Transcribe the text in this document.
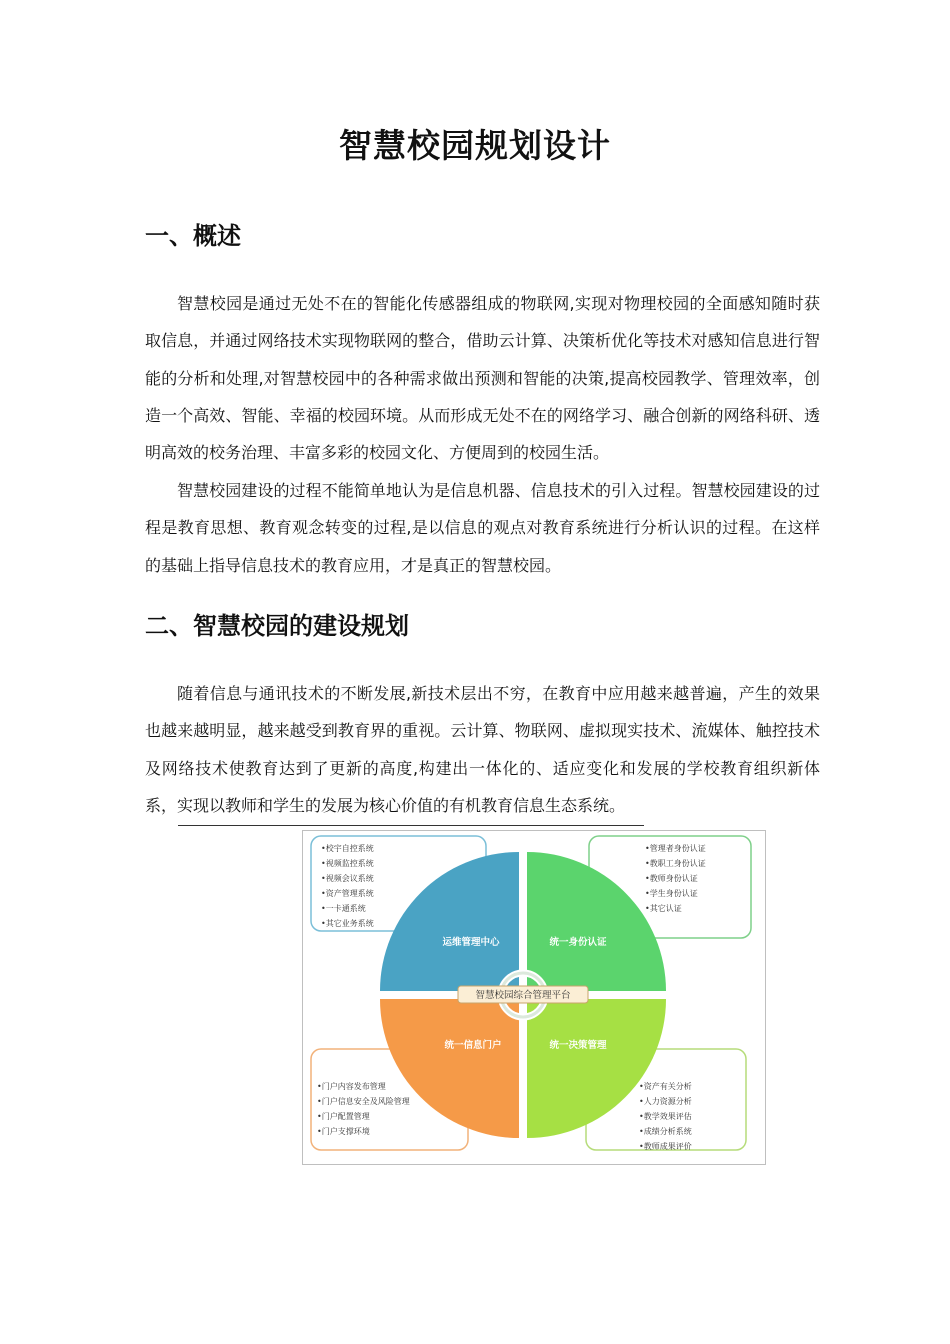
智慧校园规划设计
一、概述

智慧校园是通过无处不在的智能化传感器组成的物联网,实现对物理校园的全面感知随时获取信息，并通过网络技术实现物联网的整合，借助云计算、决策析优化等技术对感知信息进行智能的分析和处理,对智慧校园中的各种需求做出预测和智能的决策,提高校园教学、管理效率，创造一个高效、智能、幸福的校园环境。从而形成无处不在的网络学习、融合创新的网络科研、透明高效的校务治理、丰富多彩的校园文化、方便周到的校园生活。

智慧校园建设的过程不能简单地认为是信息机器、信息技术的引入过程。智慧校园建设的过程是教育思想、教育观念转变的过程,是以信息的观点对教育系统进行分析认识的过程。在这样的基础上指导信息技术的教育应用，才是真正的智慧校园。

二、智慧校园的建设规划

随着信息与通讯技术的不断发展,新技术层出不穷，在教育中应用越来越普遍，产生的效果也越来越明显，越来越受到教育界的重视。云计算、物联网、虚拟现实技术、流媒体、触控技术及网络技术使教育达到了更新的高度,构建出一体化的、适应变化和发展的学校教育组织新体系，实现以教师和学生的发展为核心价值的有机教育信息生态系统。

•校宇自控系统
•视频监控系统
•视频会议系统
•资产管理系统
•一卡通系统
•其它业务系统
•管理者身份认证
•教职工身份认证
•教师身份认证
•学生身份认证
•其它认证
•门户内容发布管理
•门户信息安全及风险管理
•门户配置管理
•门户支撑环境
•资产有关分析
•人力资源分析
•教学效果评估
•成绩分析系统
•教师成果评价
运维管理中心	统一身份认证
统一信息门户	统一决策管理
智慧校园综合管理平台
